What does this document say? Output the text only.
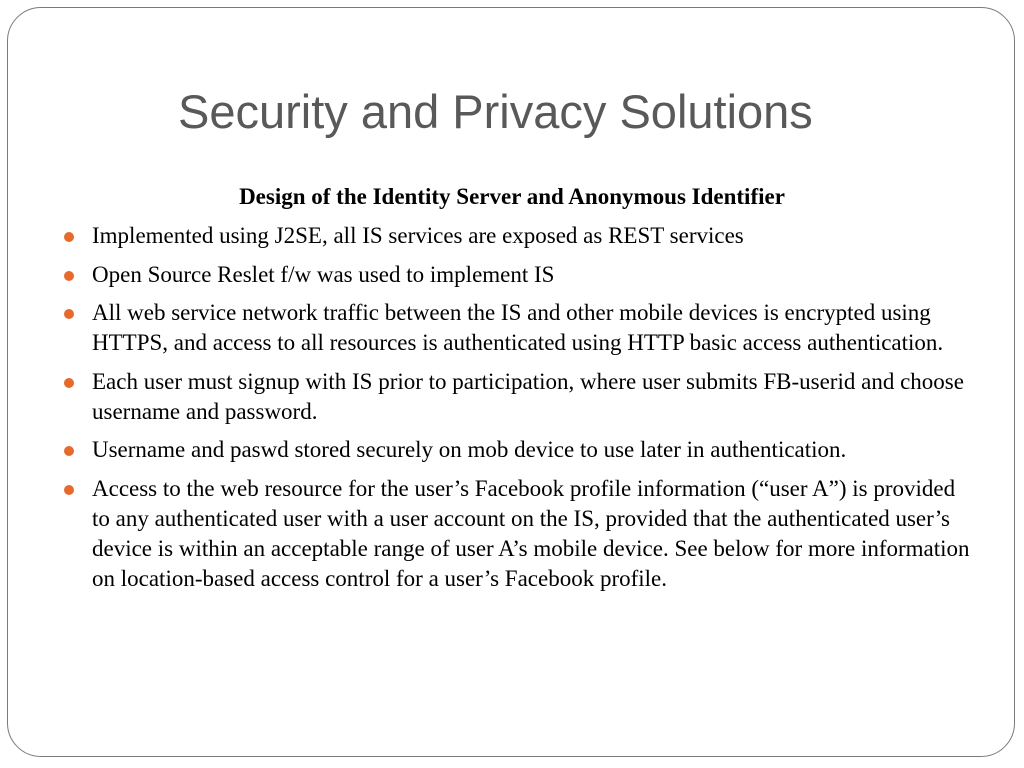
Security and Privacy Solutions
Design of the Identity Server and Anonymous Identifier
Implemented using J2SE, all IS services are exposed as REST services
Open Source Reslet f/w was used to implement IS
All web service network traffic between the IS and other mobile devices is encrypted using HTTPS, and access to all resources is authenticated using HTTP basic access authentication.
Each user must signup with IS prior to participation, where user submits FB-userid and choose username and password.
Username and paswd stored securely on mob device to use later in authentication.
Access to the web resource for the user’s Facebook profile information (“user A”) is provided to any authenticated user with a user account on the IS, provided that the authenticated user’s device is within an acceptable range of user A’s mobile device. See below for more information on location-based access control for a user’s Facebook profile.
